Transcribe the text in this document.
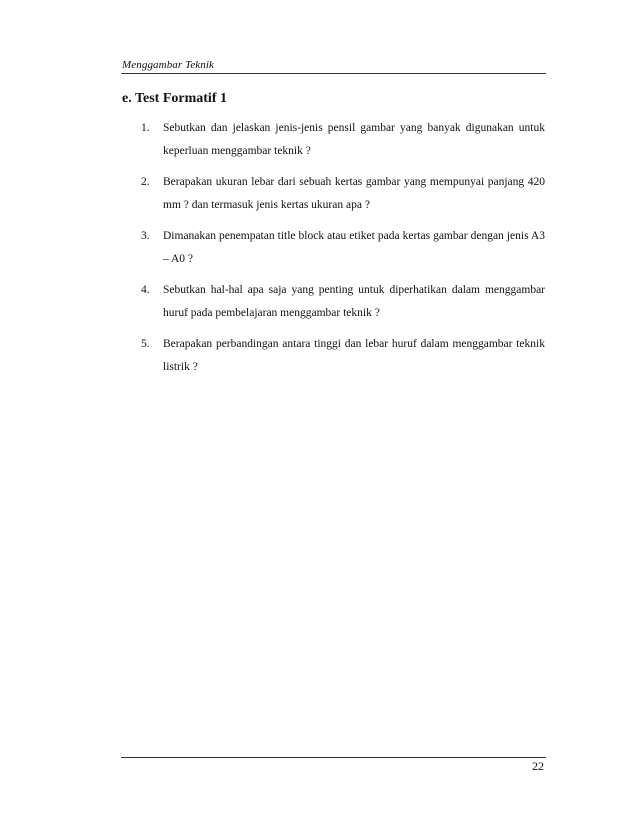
Menggambar Teknik
e. Test Formatif 1
1. Sebutkan dan jelaskan jenis-jenis pensil gambar yang banyak digunakan untuk keperluan menggambar teknik ?
2. Berapakan ukuran lebar dari sebuah kertas gambar yang mempunyai panjang 420 mm ? dan termasuk jenis kertas ukuran apa ?
3. Dimanakan penempatan title block atau etiket pada kertas gambar dengan jenis A3 – A0 ?
4. Sebutkan hal-hal apa saja yang penting untuk diperhatikan dalam menggambar huruf pada pembelajaran menggambar teknik ?
5. Berapakan perbandingan antara tinggi dan lebar huruf dalam menggambar teknik listrik ?
22
